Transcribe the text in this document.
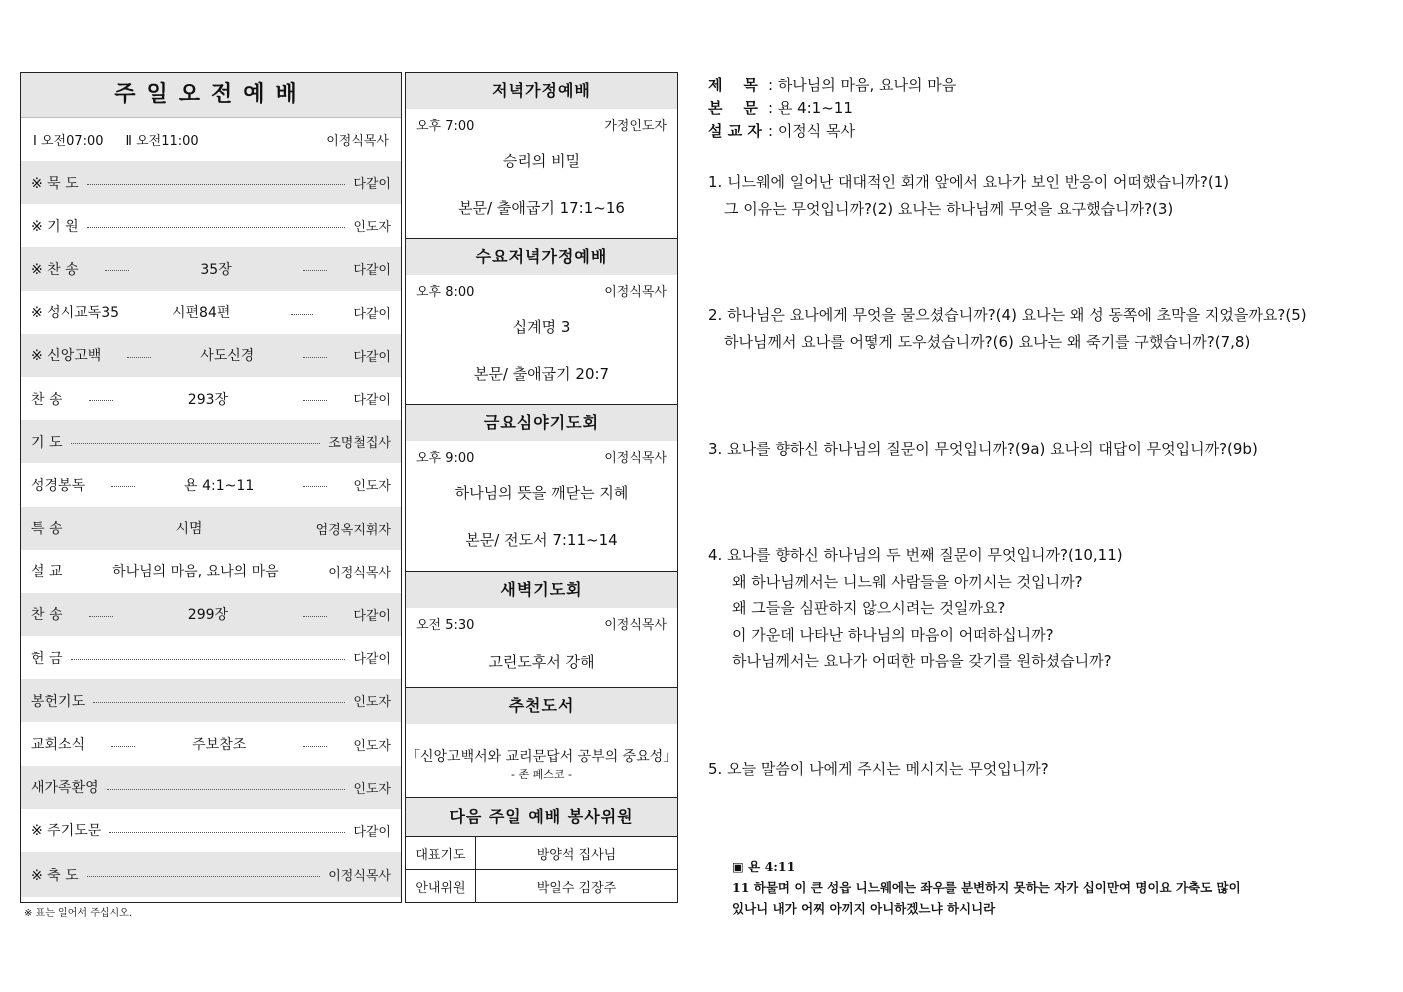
주일오전예배
Ⅰ 오전07:00 Ⅱ 오전11:00	이정식목사
※ 묵 도	다같이
※ 기 원	인도자
※ 찬 송	35장	다같이
※ 성시교독35	시편84편	다같이
※ 신앙고백	사도신경	다같이
찬 송	293장	다같이
기 도	조명철집사
성경봉독	욘 4:1~11	인도자
특 송	시몀	엄경옥지휘자
설 교	하나님의 마음, 요나의 마음	이정식목사
찬 송	299장	다같이
헌 금	다같이
봉헌기도	인도자
교회소식	주보참조	인도자
새가족환영	인도자
※ 주기도문	다같이
※ 축 도	이정식목사
※ 표는 일어서 주십시오.
저녁가정예배
오후 7:00	가정인도자
승리의 비밀
본문/ 출애굽기 17:1~16
수요저녁가정예배
오후 8:00	이정식목사
십계명 3
본문/ 출애굽기 20:7
금요심야기도회
오후 9:00	이정식목사
하나님의 뜻을 깨닫는 지혜
본문/ 전도서 7:11~14
새벽기도회
오전 5:30	이정식목사
고린도후서 강해
추천도서
「신앙고백서와 교리문답서 공부의 중요성」
- 존 페스코 -
다음 주일 예배 봉사위원
대표기도	방양석 집사님
안내위원	박일수 김장주
제    목 : 하나님의 마음, 요나의 마음
본    문 : 욘 4:1~11
설 교 자 : 이정식 목사
1. 니느웨에 일어난 대대적인 회개 앞에서 요나가 보인 반응이 어떠했습니까?(1)
그 이유는 무엇입니까?(2) 요나는 하나님께 무엇을 요구했습니까?(3)
2. 하나님은 요나에게 무엇을 물으셨습니까?(4) 요나는 왜 성 동쪽에 초막을 지었을까요?(5)
하나님께서 요나를 어떻게 도우셨습니까?(6) 요나는 왜 죽기를 구했습니까?(7,8)
3. 요나를 향하신 하나님의 질문이 무엇입니까?(9a) 요나의 대답이 무엇입니까?(9b)
4. 요나를 향하신 하나님의 두 번째 질문이 무엇입니까?(10,11)
왜 하나님께서는 니느웨 사람들을 아끼시는 것입니까?
왜 그들을 심판하지 않으시려는 것일까요?
이 가운데 나타난 하나님의 마음이 어떠하십니까?
하나님께서는 요나가 어떠한 마음을 갖기를 원하셨습니까?
5. 오늘 말씀이 나에게 주시는 메시지는 무엇입니까?
▣ 욘 4:11
11 하물며 이 큰 성읍 니느웨에는 좌우를 분변하지 못하는 자가 십이만여 명이요 가축도 많이
있나니 내가 어찌 아끼지 아니하겠느냐 하시니라
